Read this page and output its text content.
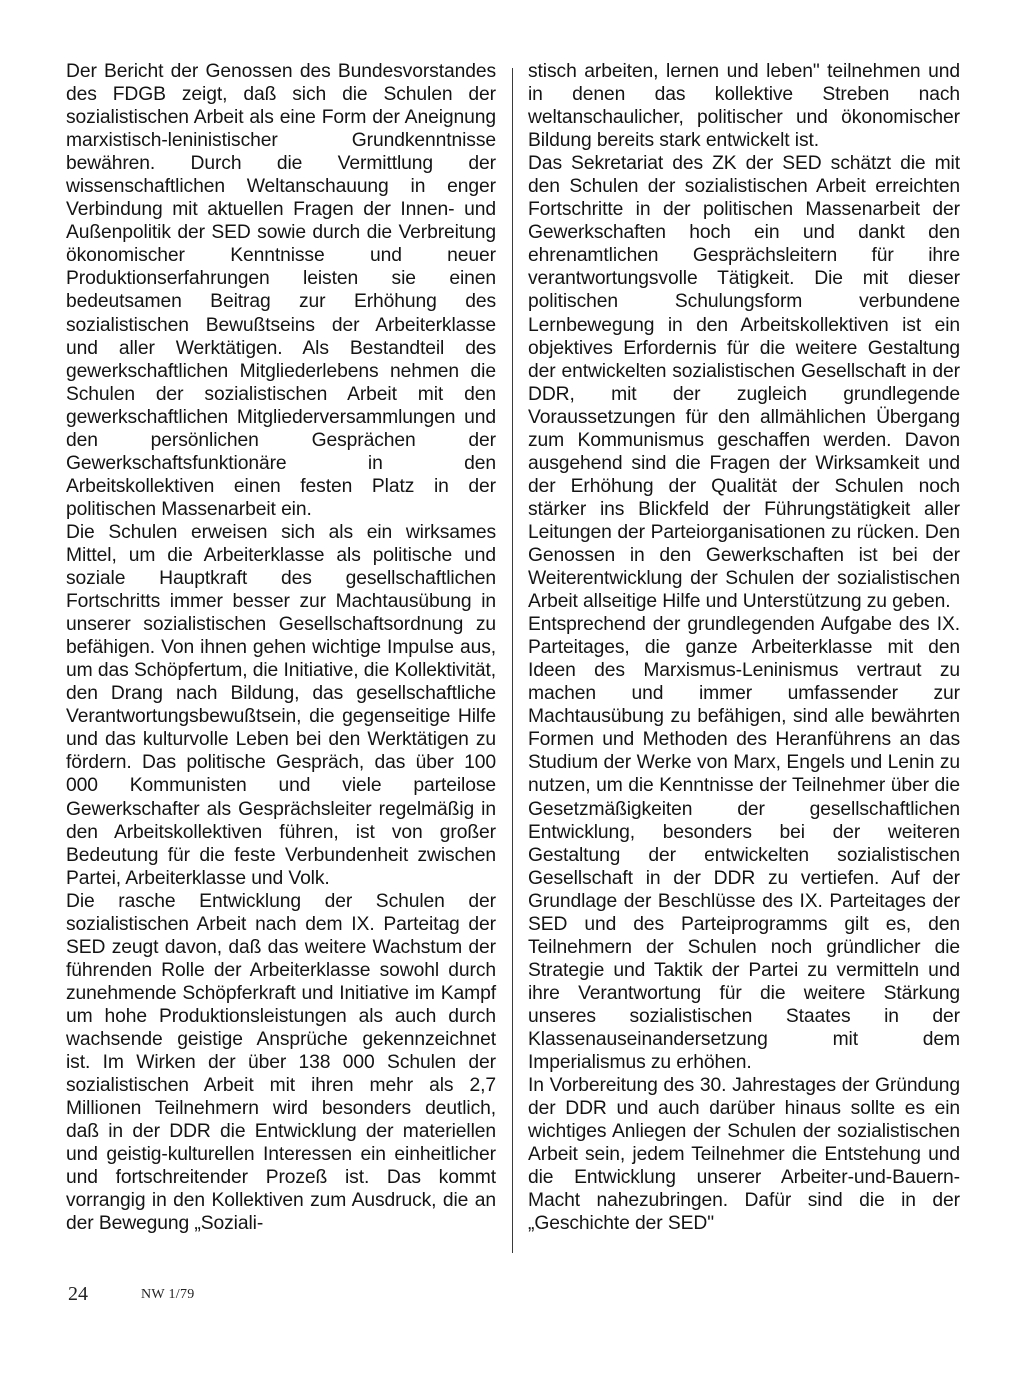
Der Bericht der Genossen des Bundesvorstandes des FDGB zeigt, daß sich die Schulen der sozialistischen Arbeit als eine Form der Aneignung marxistisch-leninistischer Grundkenntnisse bewähren. Durch die Vermittlung der wissenschaftlichen Weltanschauung in enger Verbindung mit aktuellen Fragen der Innen- und Außenpolitik der SED sowie durch die Verbreitung ökonomischer Kenntnisse und neuer Produktionserfahrungen leisten sie einen bedeutsamen Beitrag zur Erhöhung des sozialistischen Bewußtseins der Arbeiterklasse und aller Werktätigen. Als Bestandteil des gewerkschaftlichen Mitgliederlebens nehmen die Schulen der sozialistischen Arbeit mit den gewerkschaftlichen Mitgliederversammlungen und den persönlichen Gesprächen der Gewerkschaftsfunktionäre in den Arbeitskollektiven einen festen Platz in der politischen Massenarbeit ein.

Die Schulen erweisen sich als ein wirksames Mittel, um die Arbeiterklasse als politische und soziale Hauptkraft des gesellschaftlichen Fortschritts immer besser zur Machtausübung in unserer sozialistischen Gesellschaftsordnung zu befähigen. Von ihnen gehen wichtige Impulse aus, um das Schöpfertum, die Initiative, die Kollektivität, den Drang nach Bildung, das gesellschaftliche Verantwortungsbewußtsein, die gegenseitige Hilfe und das kulturvolle Leben bei den Werktätigen zu fördern. Das politische Gespräch, das über 100 000 Kommunisten und viele parteilose Gewerkschafter als Gesprächsleiter regelmäßig in den Arbeitskollektiven führen, ist von großer Bedeutung für die feste Verbundenheit zwischen Partei, Arbeiterklasse und Volk.

Die rasche Entwicklung der Schulen der sozialistischen Arbeit nach dem IX. Parteitag der SED zeugt davon, daß das weitere Wachstum der führenden Rolle der Arbeiterklasse sowohl durch zunehmende Schöpferkraft und Initiative im Kampf um hohe Produktionsleistungen als auch durch wachsende geistige Ansprüche gekennzeichnet ist. Im Wirken der über 138 000 Schulen der sozialistischen Arbeit mit ihren mehr als 2,7 Millionen Teilnehmern wird besonders deutlich, daß in der DDR die Entwicklung der materiellen und geistig-kulturellen Interessen ein einheitlicher und fortschreitender Prozeß ist. Das kommt vorrangig in den Kollektiven zum Ausdruck, die an der Bewegung „Soziali-

stisch arbeiten, lernen und leben" teilnehmen und in denen das kollektive Streben nach weltanschaulicher, politischer und ökonomischer Bildung bereits stark entwickelt ist.

Das Sekretariat des ZK der SED schätzt die mit den Schulen der sozialistischen Arbeit erreichten Fortschritte in der politischen Massenarbeit der Gewerkschaften hoch ein und dankt den ehrenamtlichen Gesprächsleitern für ihre verantwortungsvolle Tätigkeit. Die mit dieser politischen Schulungsform verbundene Lernbewegung in den Arbeitskollektiven ist ein objektives Erfordernis für die weitere Gestaltung der entwickelten sozialistischen Gesellschaft in der DDR, mit der zugleich grundlegende Voraussetzungen für den allmählichen Übergang zum Kommunismus geschaffen werden. Davon ausgehend sind die Fragen der Wirksamkeit und der Erhöhung der Qualität der Schulen noch stärker ins Blickfeld der Führungstätigkeit aller Leitungen der Parteiorganisationen zu rücken. Den Genossen in den Gewerkschaften ist bei der Weiterentwicklung der Schulen der sozialistischen Arbeit allseitige Hilfe und Unterstützung zu geben.

Entsprechend der grundlegenden Aufgabe des IX. Parteitages, die ganze Arbeiterklasse mit den Ideen des Marxismus-Leninismus vertraut zu machen und immer umfassender zur Machtausübung zu befähigen, sind alle bewährten Formen und Methoden des Heranführens an das Studium der Werke von Marx, Engels und Lenin zu nutzen, um die Kenntnisse der Teilnehmer über die Gesetzmäßigkeiten der gesellschaftlichen Entwicklung, besonders bei der weiteren Gestaltung der entwickelten sozialistischen Gesellschaft in der DDR zu vertiefen. Auf der Grundlage der Beschlüsse des IX. Parteitages der SED und des Parteiprogramms gilt es, den Teilnehmern der Schulen noch gründlicher die Strategie und Taktik der Partei zu vermitteln und ihre Verantwortung für die weitere Stärkung unseres sozialistischen Staates in der Klassenauseinandersetzung mit dem Imperialismus zu erhöhen.

In Vorbereitung des 30. Jahrestages der Gründung der DDR und auch darüber hinaus sollte es ein wichtiges Anliegen der Schulen der sozialistischen Arbeit sein, jedem Teilnehmer die Entstehung und die Entwicklung unserer Arbeiter-und-Bauern-Macht nahezubringen. Dafür sind die in der „Geschichte der SED"

24	NW 1/79
